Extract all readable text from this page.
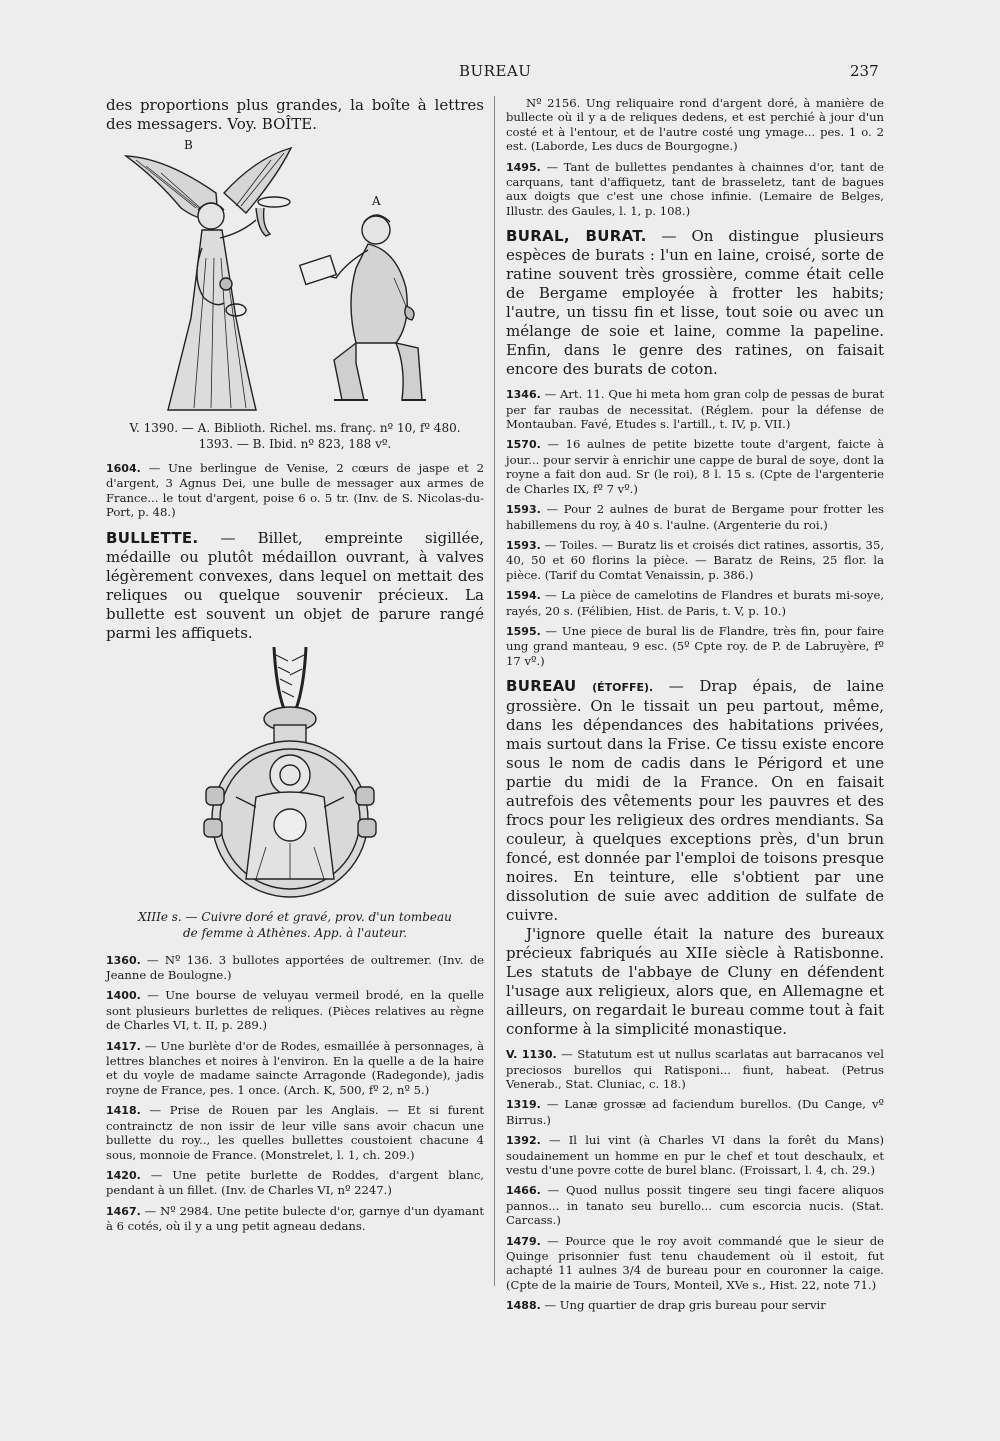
BUREAU	237

des proportions plus grandes, la boîte à lettres des messagers. Voy. BOÎTE.

B
A
V. 1390. — A. Biblioth. Richel. ms. franç. nº 10, fº 480.
1393. — B. Ibid. nº 823, 188 vº.

1604. — Une berlingue de Venise, 2 cœurs de jaspe et 2 d'argent, 3 Agnus Dei, une bulle de messager aux armes de France... le tout d'argent, poise 6 o. 5 tr. (Inv. de S. Nicolas-du-Port, p. 48.)

BULLETTE. — Billet, empreinte sigillée, médaille ou plutôt médaillon ouvrant, à valves légèrement convexes, dans lequel on mettait des reliques ou quelque souvenir précieux. La bullette est souvent un objet de parure rangé parmi les affiquets.

XIIIe s. — Cuivre doré et gravé, prov. d'un tombeau
de femme à Athènes. App. à l'auteur.

1360. — Nº 136. 3 bullotes apportées de oultremer. (Inv. de Jeanne de Boulogne.)

1400. — Une bourse de veluyau vermeil brodé, en la quelle sont plusieurs burlettes de reliques. (Pièces relatives au règne de Charles VI, t. II, p. 289.)

1417. — Une burlète d'or de Rodes, esmaillée à personnages, à lettres blanches et noires à l'environ. En la quelle a de la haire et du voyle de madame saincte Arragonde (Radegonde), jadis royne de France, pes. 1 once. (Arch. K, 500, fº 2, nº 5.)

1418. — Prise de Rouen par les Anglais. — Et si furent contrainctz de non issir de leur ville sans avoir chacun une bullette du roy.., les quelles bullettes coustoient chacune 4 sous, monnoie de France. (Monstrelet, l. 1, ch. 209.)

1420. — Une petite burlette de Roddes, d'argent blanc, pendant à un fillet. (Inv. de Charles VI, nº 2247.)

1467. — Nº 2984. Une petite bulecte d'or, garnye d'un dyamant à 6 cotés, où il y a ung petit agneau dedans.

Nº 2156. Ung reliquaire rond d'argent doré, à manière de bullecte où il y a de reliques dedens, et est perchié à jour d'un costé et à l'entour, et de l'autre costé ung ymage... pes. 1 o. 2 est. (Laborde, Les ducs de Bourgogne.)

1495. — Tant de bullettes pendantes à chainnes d'or, tant de carquans, tant d'affiquetz, tant de brasseletz, tant de bagues aux doigts que c'est une chose infinie. (Lemaire de Belges, Illustr. des Gaules, l. 1, p. 108.)

BURAL, BURAT. — On distingue plusieurs espèces de burats : l'un en laine, croisé, sorte de ratine souvent très grossière, comme était celle de Bergame employée à frotter les habits; l'autre, un tissu fin et lisse, tout soie ou avec un mélange de soie et laine, comme la papeline. Enfin, dans le genre des ratines, on faisait encore des burats de coton.

1346. — Art. 11. Que hi meta hom gran colp de pessas de burat per far raubas de necessitat. (Réglem. pour la défense de Montauban. Favé, Etudes s. l'artill., t. IV, p. VII.)

1570. — 16 aulnes de petite bizette toute d'argent, faicte à jour... pour servir à enrichir une cappe de bural de soye, dont la royne a fait don aud. Sr (le roi), 8 l. 15 s. (Cpte de l'argenterie de Charles IX, fº 7 vº.)

1593. — Pour 2 aulnes de burat de Bergame pour frotter les habillemens du roy, à 40 s. l'aulne. (Argenterie du roi.)

1593. — Toiles. — Buratz lis et croisés dict ratines, assortis, 35, 40, 50 et 60 florins la pièce. — Baratz de Reins, 25 flor. la pièce. (Tarif du Comtat Venaissin, p. 386.)

1594. — La pièce de camelotins de Flandres et burats mi-soye, rayés, 20 s. (Félibien, Hist. de Paris, t. V, p. 10.)

1595. — Une piece de bural lis de Flandre, très fin, pour faire ung grand manteau, 9 esc. (5º Cpte roy. de P. de Labruyère, fº 17 vº.)

BUREAU (ÉTOFFE). — Drap épais, de laine grossière. On le tissait un peu partout, même, dans les dépendances des habitations privées, mais surtout dans la Frise. Ce tissu existe encore sous le nom de cadis dans le Périgord et une partie du midi de la France. On en faisait autrefois des vêtements pour les pauvres et des frocs pour les religieux des ordres mendiants. Sa couleur, à quelques exceptions près, d'un brun foncé, est donnée par l'emploi de toisons presque noires. En teinture, elle s'obtient par une dissolution de suie avec addition de sulfate de cuivre.

J'ignore quelle était la nature des bureaux précieux fabriqués au XIIe siècle à Ratisbonne. Les statuts de l'abbaye de Cluny en défendent l'usage aux religieux, alors que, en Allemagne et ailleurs, on regardait le bureau comme tout à fait conforme à la simplicité monastique.

V. 1130. — Statutum est ut nullus scarlatas aut barracanos vel preciosos burellos qui Ratisponi... fiunt, habeat. (Petrus Venerab., Stat. Cluniac, c. 18.)

1319. — Lanæ grossæ ad faciendum burellos. (Du Cange, vº Birrus.)

1392. — Il lui vint (à Charles VI dans la forêt du Mans) soudainement un homme en pur le chef et tout deschaulx, et vestu d'une povre cotte de burel blanc. (Froissart, l. 4, ch. 29.)

1466. — Quod nullus possit tingere seu tingi facere aliquos pannos... in tanato seu burello... cum escorcia nucis. (Stat. Carcass.)

1479. — Pource que le roy avoit commandé que le sieur de Quinge prisonnier fust tenu chaudement où il estoit, fut achapté 11 aulnes 3/4 de bureau pour en couronner la caige. (Cpte de la mairie de Tours, Monteil, XVe s., Hist. 22, note 71.)

1488. — Ung quartier de drap gris bureau pour servir
